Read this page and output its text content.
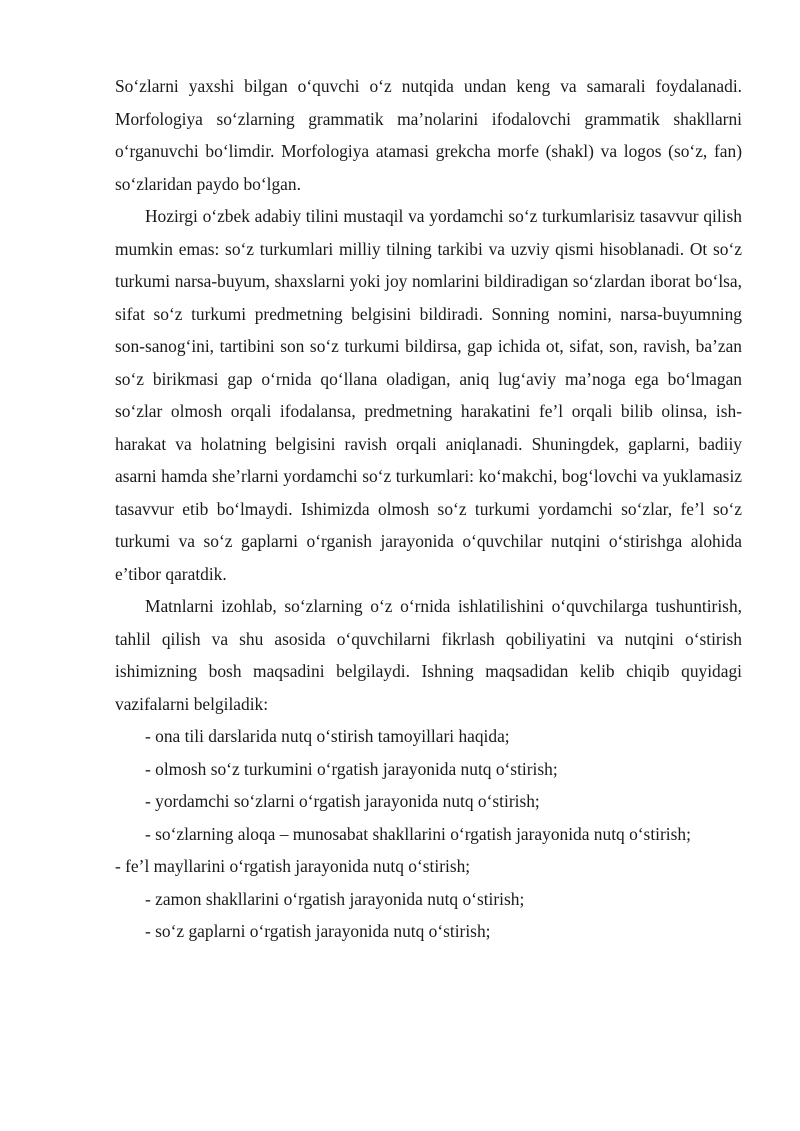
So‘zlarni yaxshi bilgan o‘quvchi o‘z nutqida undan keng va samarali foydalanadi. Morfologiya so‘zlarning grammatik ma’nolarini ifodalovchi grammatik shakllarni o‘rganuvchi bo‘limdir. Morfologiya atamasi grekcha morfe (shakl) va logos (so‘z, fan) so‘zlaridan paydo bo‘lgan.

Hozirgi o‘zbek adabiy tilini mustaqil va yordamchi so‘z turkumlarisiz tasavvur qilish mumkin emas: so‘z turkumlari milliy tilning tarkibi va uzviy qismi hisoblanadi. Ot so‘z turkumi narsa-buyum, shaxslarni yoki joy nomlarini bildiradigan so‘zlardan iborat bo‘lsa, sifat so‘z turkumi predmetning belgisini bildiradi. Sonning nomini, narsa-buyumning son-sanog‘ini, tartibini son so‘z turkumi bildirsa, gap ichida ot, sifat, son, ravish, ba’zan so‘z birikmasi gap o‘rnida qo‘llana oladigan, aniq lug‘aviy ma’noga ega bo‘lmagan so‘zlar olmosh orqali ifodalansa, predmetning harakatini fe’l orqali bilib olinsa, ish-harakat va holatning belgisini ravish orqali aniqlanadi. Shuningdek, gaplarni, badiiy asarni hamda she’rlarni yordamchi so‘z turkumlari: ko‘makchi, bog‘lovchi va yuklamasiz tasavvur etib bo‘lmaydi. Ishimizda olmosh so‘z turkumi yordamchi so‘zlar, fe’l so‘z turkumi va so‘z gaplarni o‘rganish jarayonida o‘quvchilar nutqini o‘stirishga alohida e’tibor qaratdik.

Matnlarni izohlab, so‘zlarning o‘z o‘rnida ishlatilishini o‘quvchilarga tushuntirish, tahlil qilish va shu asosida o‘quvchilarni fikrlash qobiliyatini va nutqini o‘stirish ishimizning bosh maqsadini belgilaydi. Ishning maqsadidan kelib chiqib quyidagi vazifalarni belgiladik:

- ona tili darslarida nutq o‘stirish tamoyillari haqida;

- olmosh so‘z turkumini o‘rgatish jarayonida nutq o‘stirish;

- yordamchi so‘zlarni o‘rgatish jarayonida nutq o‘stirish;

- so‘zlarning aloqa – munosabat shakllarini o‘rgatish jarayonida nutq o‘stirish;

- fe’l mayllarini o‘rgatish jarayonida nutq o‘stirish;

- zamon shakllarini o‘rgatish jarayonida nutq o‘stirish;

- so‘z gaplarni o‘rgatish jarayonida nutq o‘stirish;
